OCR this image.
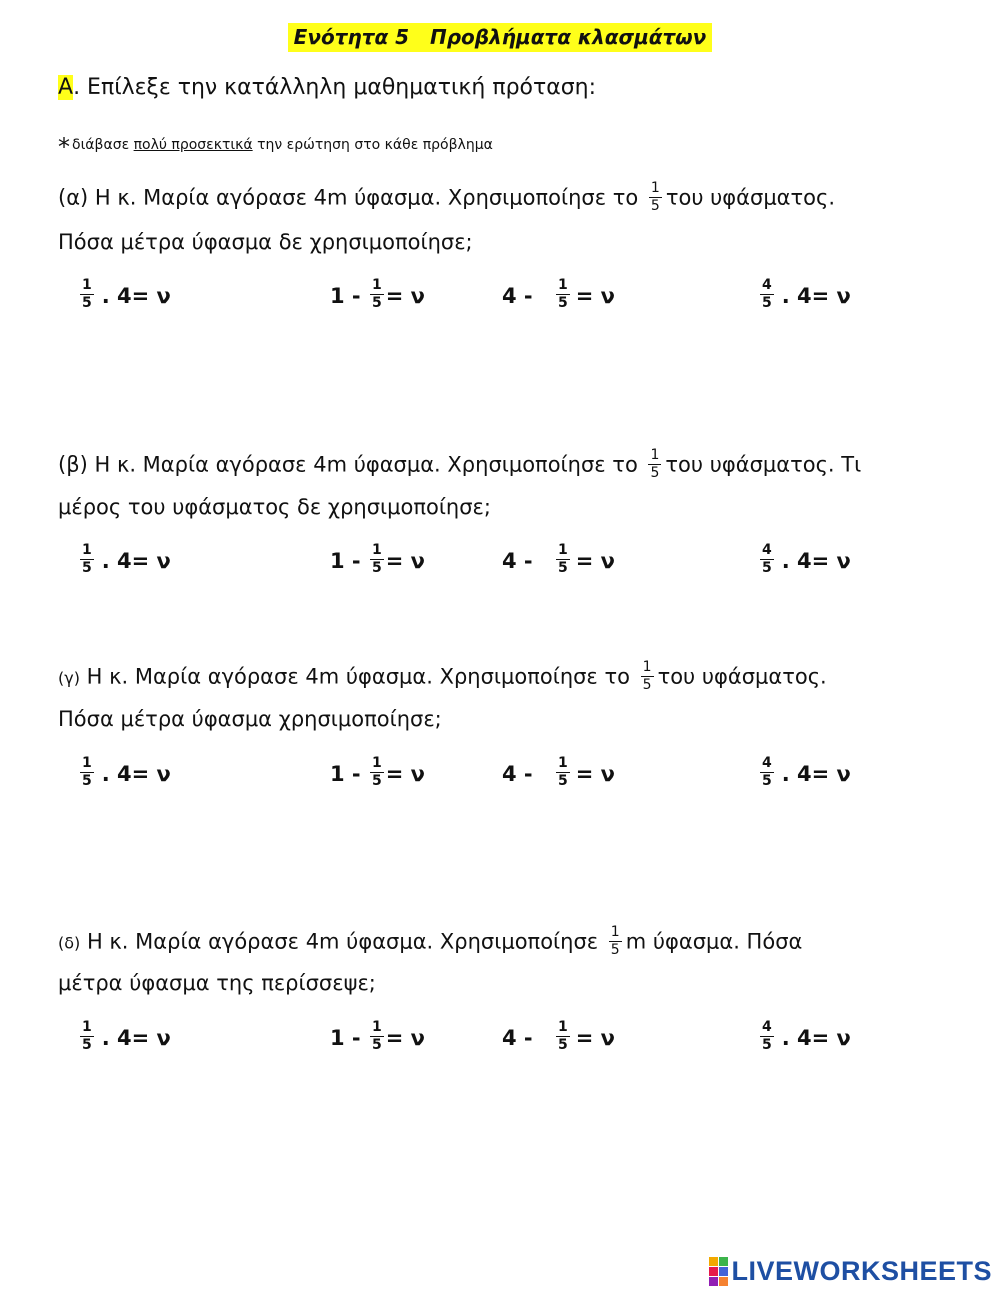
Ενότητα 5   Προβλήματα κλασμάτων
Α. Επίλεξε την κατάλληλη μαθηματική πρόταση:
* διάβασε πολύ προσεκτικά την ερώτηση στο κάθε πρόβλημα
(α) Η κ. Μαρία αγόρασε 4m ύφασμα. Χρησιμοποίησε το $\frac{1}{5}$ του υφάσματος.
Πόσα μέτρα ύφασμα δε χρησιμοποίησε;
(β) Η κ. Μαρία αγόρασε 4m ύφασμα. Χρησιμοποίησε το $\frac{1}{5}$ του υφάσματος. Τι
μέρος του υφάσματος δε χρησιμοποίησε;
(γ) Η κ. Μαρία αγόρασε 4m ύφασμα. Χρησιμοποίησε το $\frac{1}{5}$ του υφάσματος.
Πόσα μέτρα ύφασμα χρησιμοποίησε;
(δ) Η κ. Μαρία αγόρασε 4m ύφασμα. Χρησιμοποίησε $\frac{1}{5}$ m ύφασμα. Πόσα
μέτρα ύφασμα της περίσσεψε;
$\frac{1}{5}$ . 4= ν	$1 - \frac{1}{5} = \nu$	$4 - \frac{1}{5} = \nu$	$\frac{4}{5}$ . 4= ν
$\frac{1}{5}$ . 4= ν	$1 - \frac{1}{5} = \nu$	$4 - \frac{1}{5} = \nu$	$\frac{4}{5}$ . 4= ν
$\frac{1}{5}$ . 4= ν	$1 - \frac{1}{5} = \nu$	$4 - \frac{1}{5} = \nu$	$\frac{4}{5}$ . 4= ν
$\frac{1}{5}$ . 4= ν	$1 - \frac{1}{5} = \nu$	$4 - \frac{1}{5} = \nu$	$\frac{4}{5}$ . 4= ν
LIVEWORKSHEETS
